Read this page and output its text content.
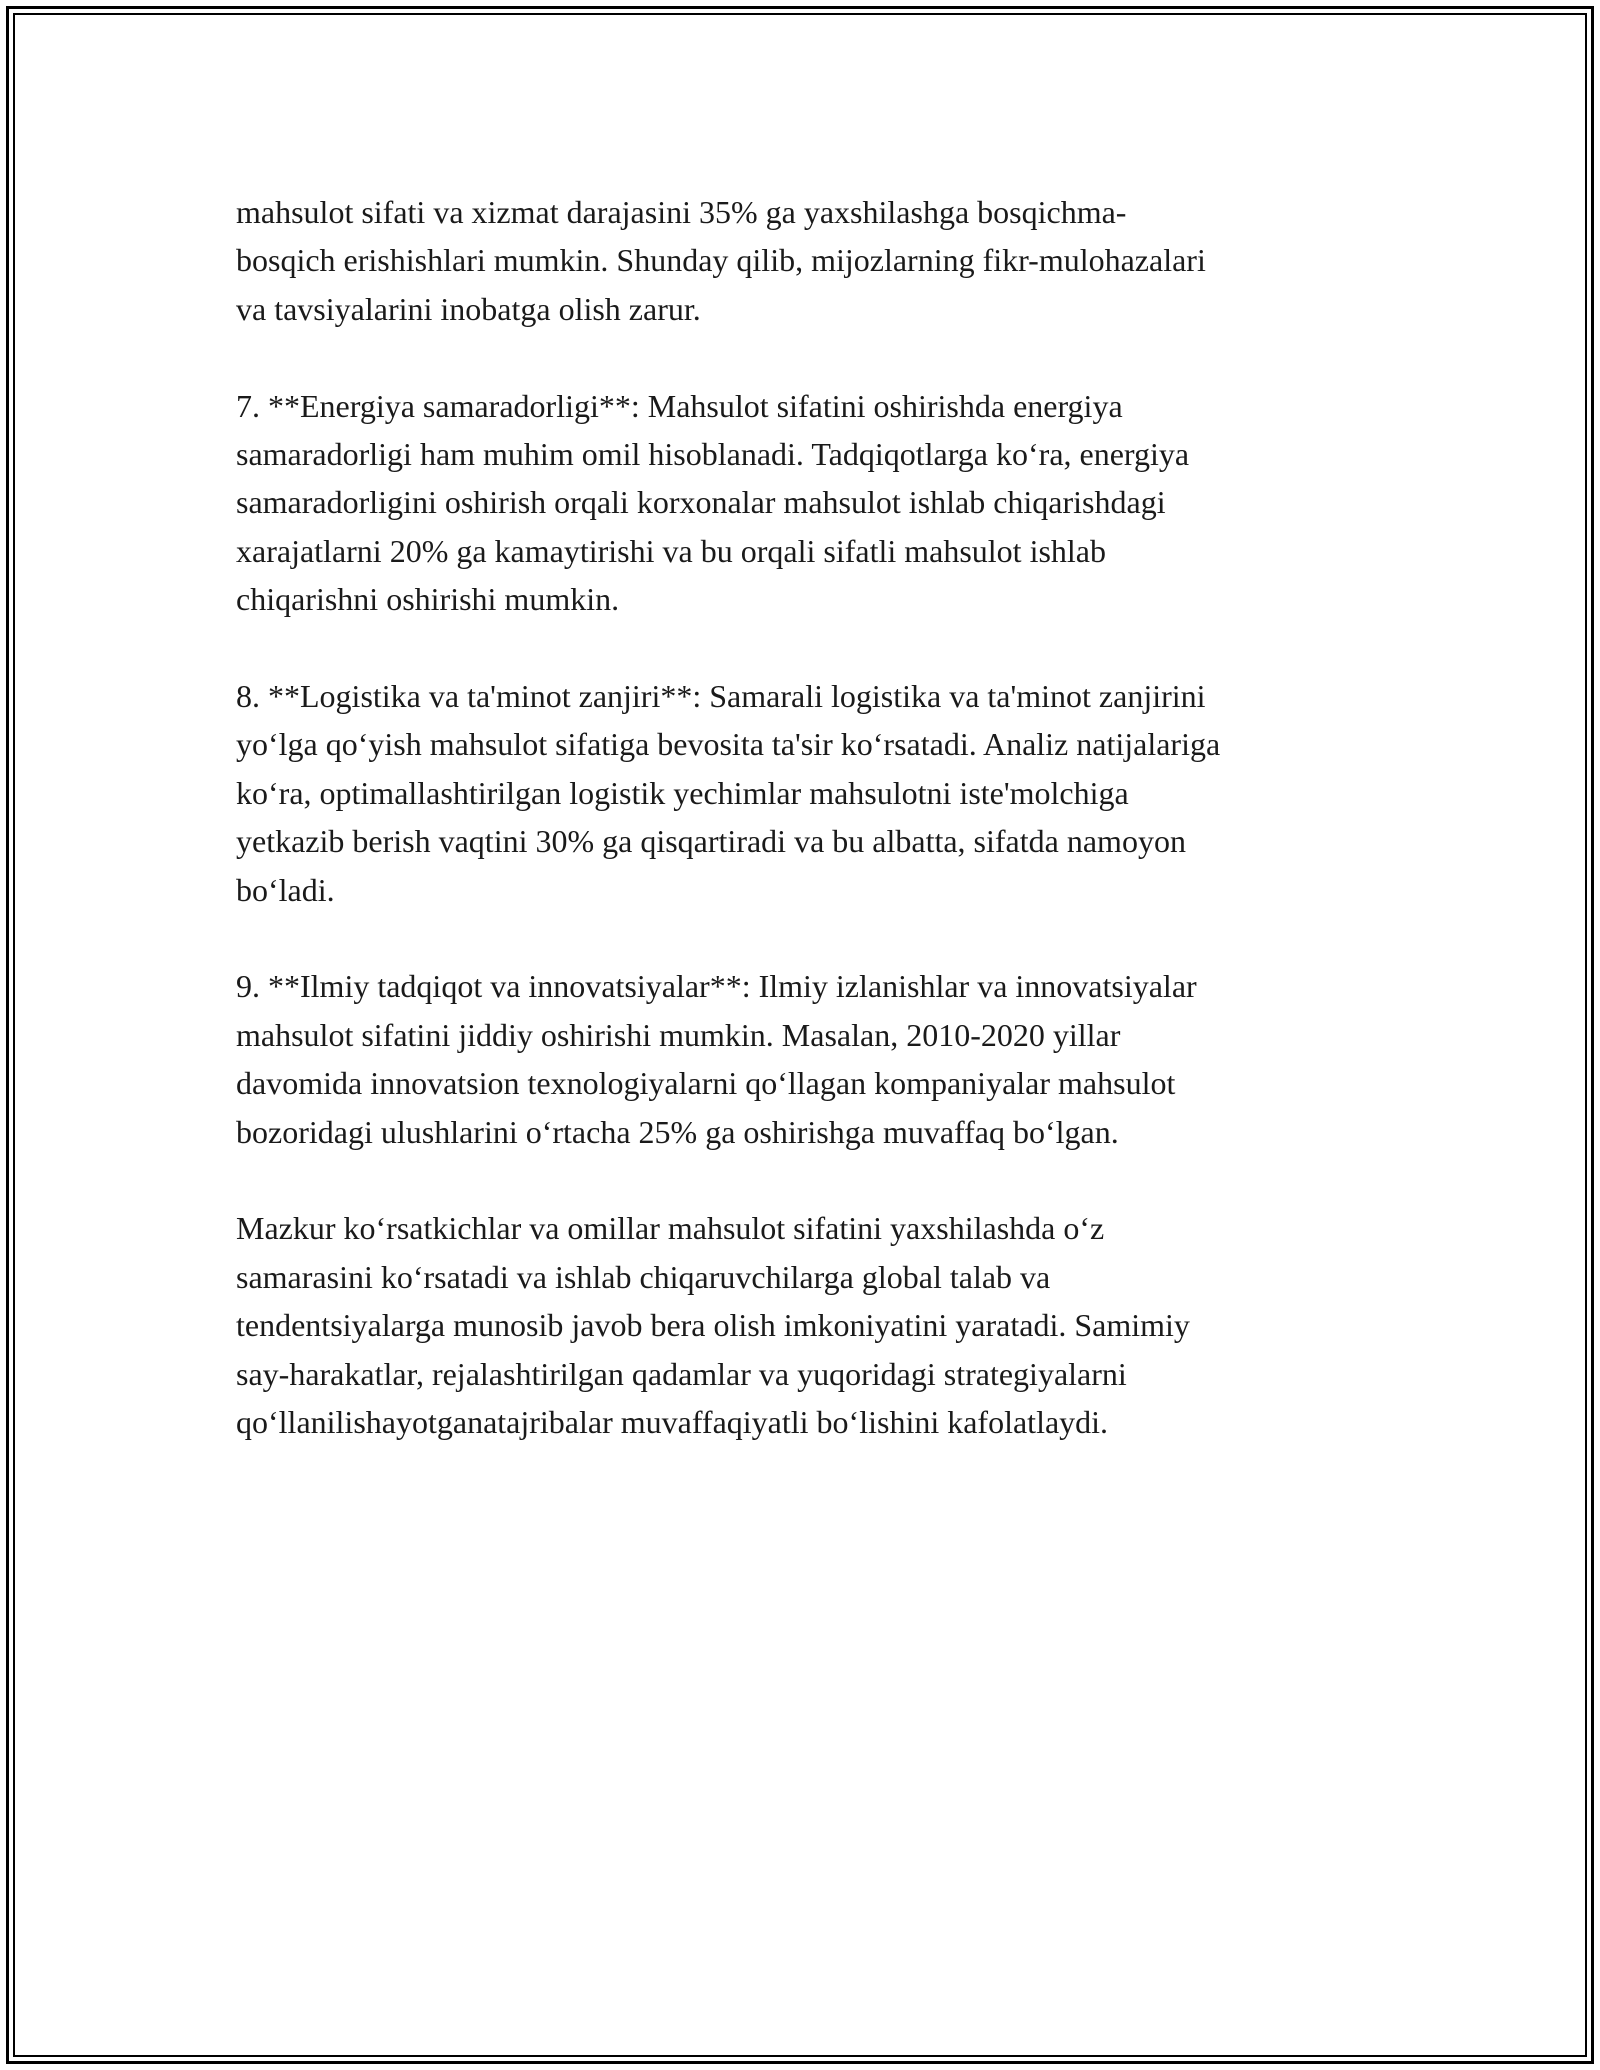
mahsulot sifati va xizmat darajasini 35% ga yaxshilashga bosqichma-
bosqich erishishlari mumkin. Shunday qilib, mijozlarning fikr-mulohazalari
va tavsiyalarini inobatga olish zarur.

7. **Energiya samaradorligi**: Mahsulot sifatini oshirishda energiya
samaradorligi ham muhim omil hisoblanadi. Tadqiqotlarga koʻra, energiya
samaradorligini oshirish orqali korxonalar mahsulot ishlab chiqarishdagi
xarajatlarni 20% ga kamaytirishi va bu orqali sifatli mahsulot ishlab
chiqarishni oshirishi mumkin.

8. **Logistika va ta'minot zanjiri**: Samarali logistika va ta'minot zanjirini
yoʻlga qoʻyish mahsulot sifatiga bevosita ta'sir koʻrsatadi. Analiz natijalariga
koʻra, optimallashtirilgan logistik yechimlar mahsulotni iste'molchiga
yetkazib berish vaqtini 30% ga qisqartiradi va bu albatta, sifatda namoyon
boʻladi.

9. **Ilmiy tadqiqot va innovatsiyalar**: Ilmiy izlanishlar va innovatsiyalar
mahsulot sifatini jiddiy oshirishi mumkin. Masalan, 2010-2020 yillar
davomida innovatsion texnologiyalarni qoʻllagan kompaniyalar mahsulot
bozoridagi ulushlarini oʻrtacha 25% ga oshirishga muvaffaq boʻlgan.

Mazkur koʻrsatkichlar va omillar mahsulot sifatini yaxshilashda oʻz
samarasini koʻrsatadi va ishlab chiqaruvchilarga global talab va
tendentsiyalarga munosib javob bera olish imkoniyatini yaratadi. Samimiy
say-harakatlar, rejalashtirilgan qadamlar va yuqoridagi strategiyalarni
qoʻllanilishayotganatajribalar muvaffaqiyatli boʻlishini kafolatlaydi.
